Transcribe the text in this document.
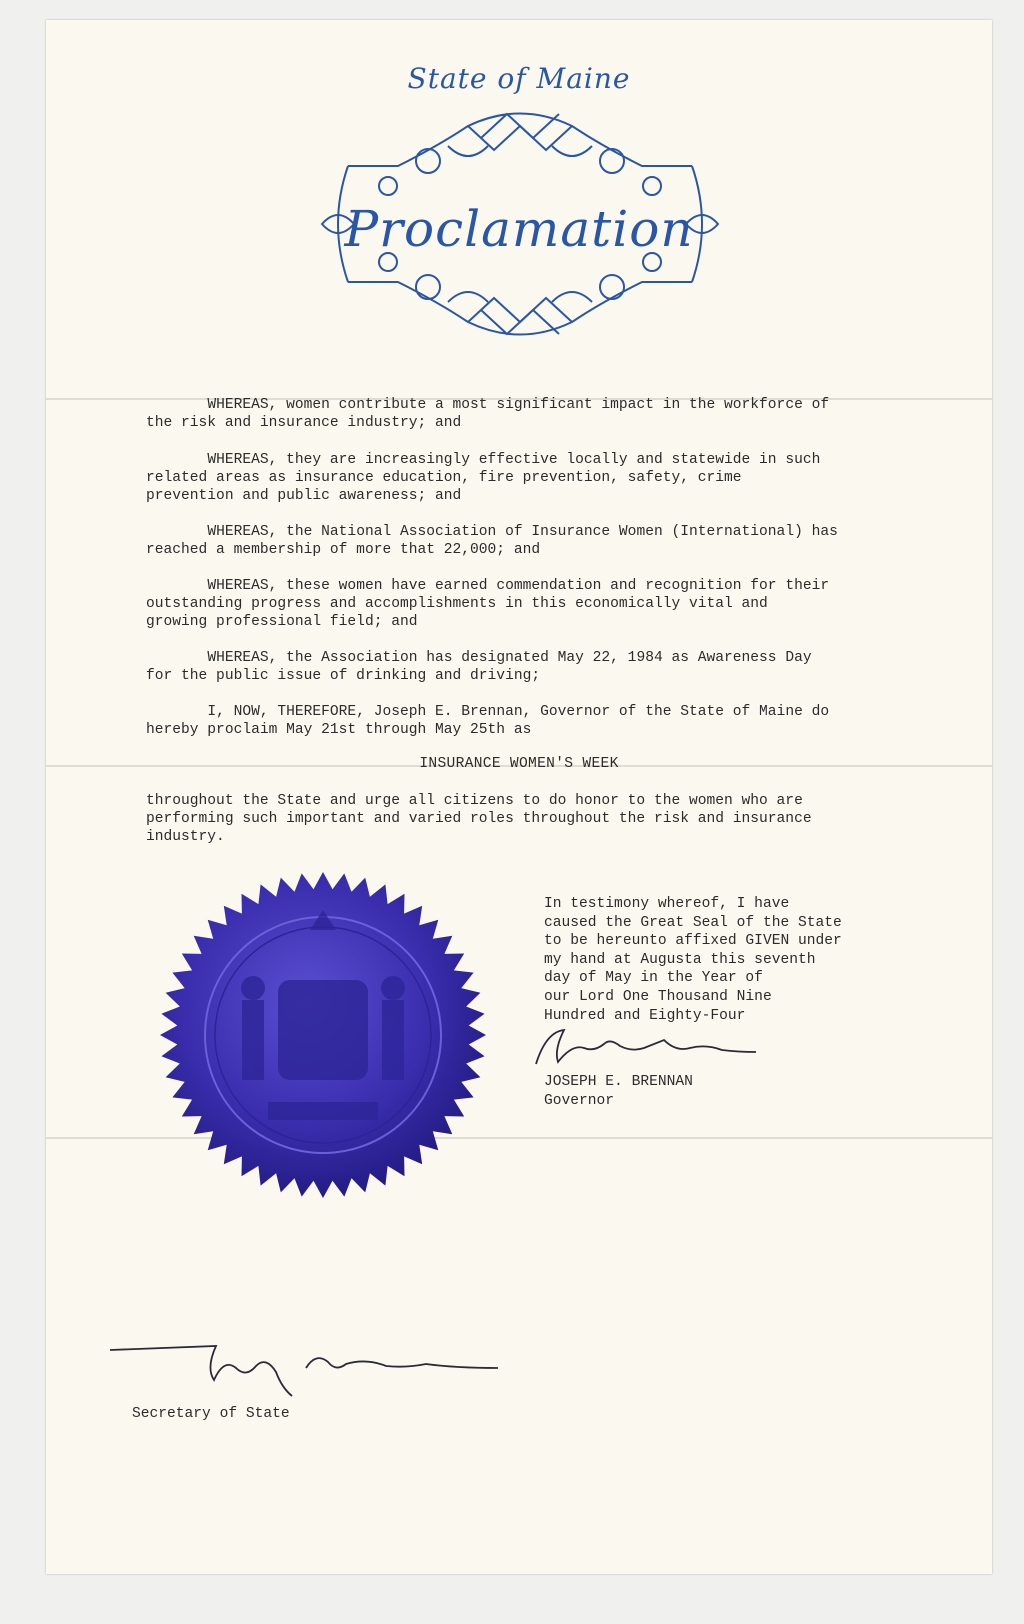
State of Maine
Proclamation
WHEREAS, women contribute a most significant impact in the workforce of
the risk and insurance industry; and
WHEREAS, they are increasingly effective locally and statewide in such
related areas as insurance education, fire prevention, safety, crime
prevention and public awareness; and
WHEREAS, the National Association of Insurance Women (International) has
reached a membership of more that 22,000; and
WHEREAS, these women have earned commendation and recognition for their
outstanding progress and accomplishments in this economically vital and
growing professional field; and
WHEREAS, the Association has designated May 22, 1984 as Awareness Day
for the public issue of drinking and driving;
I, NOW, THEREFORE, Joseph E. Brennan, Governor of the State of Maine do
hereby proclaim May 21st through May 25th as
INSURANCE WOMEN'S WEEK
throughout the State and urge all citizens to do honor to the women who are
performing such important and varied roles throughout the risk and insurance
industry.
In testimony whereof, I have
caused the Great Seal of the State
to be hereunto affixed GIVEN under
my hand at Augusta this seventh
day of May in the Year of
our Lord One Thousand Nine
Hundred and Eighty-Four
JOSEPH E. BRENNAN
Governor
Secretary of State
